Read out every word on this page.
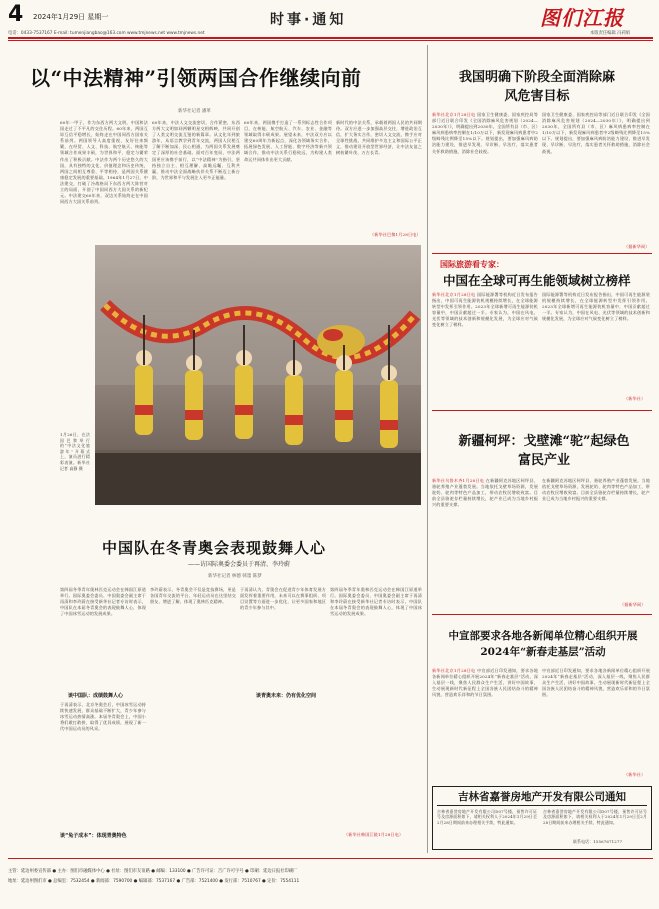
4 2024年1月29日 星期一	时事·通知	图们江报
电话：0433-7537167 E-mail: tumenjiangbao@163.com www.tmjnews.net www.tmjnews.net	本版责任编辑 冯莉娟
以“中法精神”引领两国合作继续向前
新华社记者 潘革
60年一甲子，作为东西方两大文明，中国和法国走过了不平凡的交往历程。60年来，两国互谅互信平稳增长，始终走在中国同西方国家关系前列。两国领导人高度重视，友好往来频繁，在经贸、人文、科技、航空航天、核能等领域合作成果丰硕，为世界和平、稳定与繁荣作出了积极贡献。中法作为两个历史悠久的大国，具有独特的文化、价值理念和历史传统，两国之间相互尊重、平等相待，是两国关系健康稳定发展的重要基础。1964年1月27日，中法建交，打破了冷战格局下东西方两大阵营对立的局面，开创了中国同西方大国关系的新纪元。中法建交60年来，双边关系始终走在中国同西方大国关系前列。
60年来，中法人文交流密切，合作紧密，东西方两大文明如同两颗明星交相辉映，共同开创了人类文明交流互鉴的新篇章。从文化年到旅游年，从语言教学到青年交流，两国人民相互了解不断加深，民心相通，为两国关系发展奠定了深厚的社会基础。面对百年变局，中法两国更应该携手前行，以“中法精神”为指引，坚持独立自主、相互理解、高瞻远瞩、互利共赢，推动中法全面战略伙伴关系不断迈上新台阶，为世界和平与发展注入更多正能量。
60年来，两国携手打造了一系列标志性合作项目，在核能、航空航天、汽车、农业、金融等领域取得丰硕成果。展望未来，中法双方应以建交60周年为新起点，深化各领域务实合作，拓展绿色发展、人工智能、数字经济等新兴领域合作，推动中法关系行稳致远，为构建人类命运共同体作出更大贡献。
新时代的中法关系，承载着两国人民的共同期待。双方应进一步加强高层交往，增进政治互信，扩大务实合作，密切人文交流，携手应对全球性挑战，共同维护多边主义和国际公平正义，推动建设开放型世界经济，让中法友谊之树枝繁叶茂、万古长青。
（新华社巴黎1月28日电）
1月26日，在法国巴黎举行的“中法文化旅游年”开幕式上，演员进行精彩表演。新华社记者 高静 摄
中国队在冬青奥会表现鼓舞人心
——访国际奥委会委员于再清、李玲蔚
新华社记者 林德 韩墨 陈梦
第四届冬季青年奥林匹克运动会在韩国江原道举行。国际奥委会委员、中国奥委会副主席于再清和李玲蔚在接受新华社记者专访时表示，中国队在本届冬青奥会的表现鼓舞人心，体现了中国冰雪运动的发展成果。
谈中国队：成绩鼓舞人心
于再清表示，北京冬奥会后，中国冰雪运动持续快速发展，群众基础不断扩大，青少年参与冰雪运动热情高涨。本届冬青奥会上，中国小将们敢打敢拼，取得了优异成绩，展现了新一代中国运动员的风采。
谈“兔子成本”：体现青奥特色
李玲蔚表示，冬青奥会不仅是竞技赛场，更是各国青年交流的平台。年轻运动员在这里结交朋友、增进了解，体现了奥林匹克精神。
谈青奥未来：仍有优化空间
于再清认为，青奥会在促进青少年体育发展方面发挥着重要作用，未来可以在赛事组织、项目设置等方面进一步优化，让更多国家和地区的青少年参与其中。
第四届冬季青年奥林匹克运动会在韩国江原道举行。国际奥委会委员、中国奥委会副主席于再清和李玲蔚在接受新华社记者专访时表示，中国队在本届冬青奥会的表现鼓舞人心，体现了中国冰雪运动的发展成果。
（新华社韩国江陵1月28日电）
我国明确下阶段全面消除麻风危害目标
新华社北京1月28日电 国家卫生健康委、国家疾控局等部门近日联合印发《全国消除麻风危害规划（2024—2030年）》，明确提出到2030年，全国所有县（市、区）麻风病患病率控制在1/10万以下，新发现麻风病患者中2级畸残比例降至15%以下。规划提出，要加强麻风病防治能力建设，推进早发现、早诊断、早治疗，落实患者关怀救助措施，消除社会歧视。
国家卫生健康委、国家疾控局等部门近日联合印发《全国消除麻风危害规划（2024—2030年）》，明确提出到2030年，全国所有县（市、区）麻风病患病率控制在1/10万以下，新发现麻风病患者中2级畸残比例降至15%以下。规划提出，要加强麻风病防治能力建设，推进早发现、早诊断、早治疗，落实患者关怀救助措施，消除社会歧视。
（据新华网）
国际旅游看专家：
中国在全球可再生能领域树立榜样
新华社北京1月28日电 国际能源署等机构近日发布报告指出，中国可再生能源装机规模持续增长，在全球能源转型中发挥引领作用。2023年全球新增可再生能源装机容量中，中国贡献超过一半。专家认为，中国在风电、光伏等领域的技术创新和规模化发展，为全球应对气候变化树立了榜样。
国际能源署等机构近日发布报告指出，中国可再生能源装机规模持续增长，在全球能源转型中发挥引领作用。2023年全球新增可再生能源装机容量中，中国贡献超过一半。专家认为，中国在风电、光伏等领域的技术创新和规模化发展，为全球应对气候变化树立了榜样。
（新华社）
新疆柯坪：戈壁滩“驼”起绿色富民产业
新华社乌鲁木齐1月28日电 在新疆阿克苏地区柯坪县，骆驼养殖产业蓬勃发展。当地依托戈壁草场资源，发展驼奶、驼肉等特色产品加工，带动农牧民增收致富。目前全县骆驼存栏量持续增长，驼产业已成为当地乡村振兴的重要支撑。
在新疆阿克苏地区柯坪县，骆驼养殖产业蓬勃发展。当地依托戈壁草场资源，发展驼奶、驼肉等特色产品加工，带动农牧民增收致富。目前全县骆驼存栏量持续增长，驼产业已成为当地乡村振兴的重要支撑。
（据新华网）
中宣部要求各地各新闻单位精心组织开展2024年“新春走基层”活动
新华社北京1月28日电 中宣部近日印发通知，要求各地各新闻单位精心组织开展2024年“新春走基层”活动，深入基层一线，聚焦人民群众生产生活，讲好中国故事，生动展现新时代新征程上全国各族人民团结奋斗的精神风貌，营造欢乐祥和的节日氛围。
中宣部近日印发通知，要求各地各新闻单位精心组织开展2024年“新春走基层”活动，深入基层一线，聚焦人民群众生产生活，讲好中国故事，生动展现新时代新征程上全国各族人民团结奋斗的精神风貌，营造欢乐祥和的节日氛围。
（新华社）
吉林省嘉誉房地产开发有限公司通知
吉林省嘉誉房地产开发有限公司D07号楼，预售许可证号及房源面积如下，请相关权利人于2024年1月29日至2月28日期间前来办理相关手续，特此通知。
吉林省嘉誉房地产开发有限公司D07号楼，预售许可证号及房源面积如下，请相关权利人于2024年1月29日至2月28日期间前来办理相关手续，特此通知。
联系电话：15567671277
主管：延边州委宣传部 ● 主办：图们市融媒体中心 ● 社址：图们市友谊路 ● 邮编：133100 ● 广告许可证：吉广许可字号 ● 印刷：延边日报社印刷厂
地址：延边州图们市 ● 总编室：7532454 ● 新闻部：7590700 ● 编辑部：7537167 ● 广告部：7521400 ● 发行部：7510767 ● 定价：7554111
